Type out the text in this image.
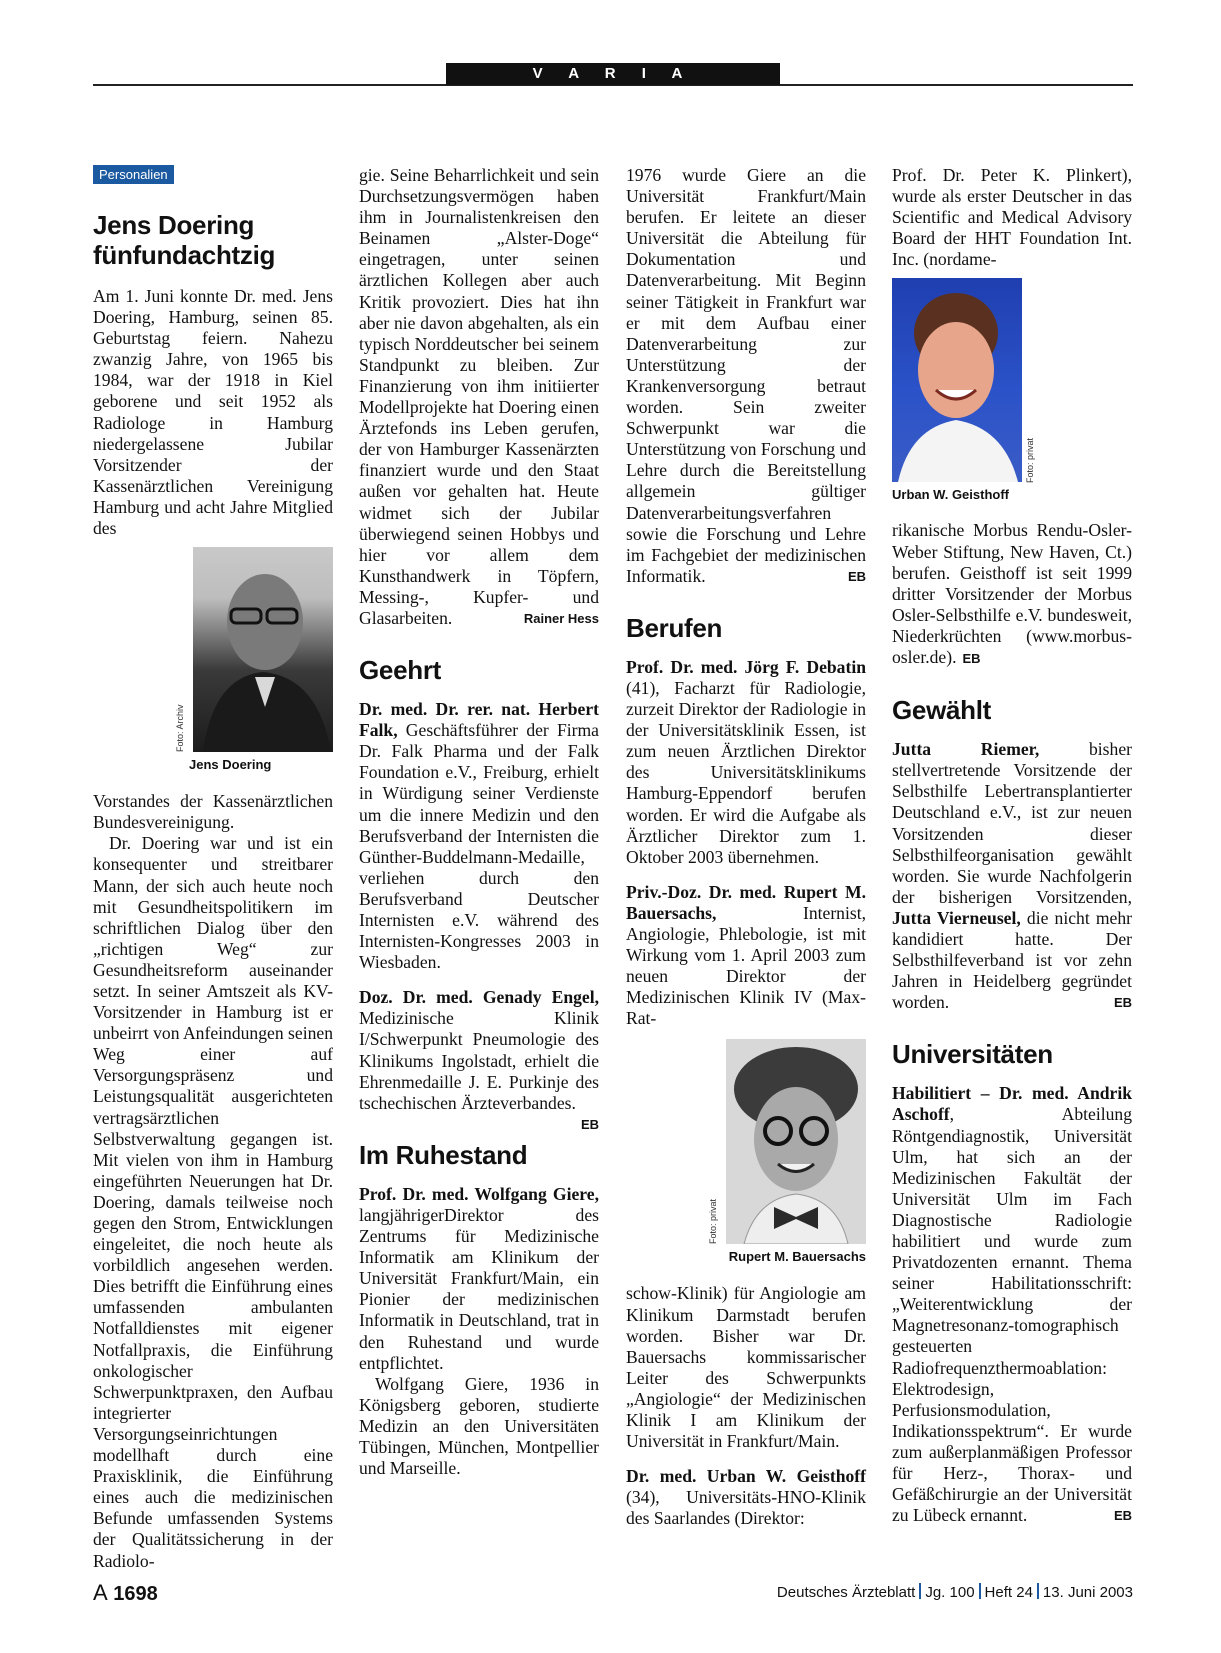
V A R I A
Personalien
Jens Doering fünfundachtzig

Am 1. Juni konnte Dr. med. Jens Doering, Hamburg, seinen 85. Geburtstag feiern. Nahezu zwanzig Jahre, von 1965 bis 1984, war der 1918 in Kiel geborene und seit 1952 als Radiologe in Hamburg niedergelassene Jubilar Vorsitzender der Kassenärztlichen Vereinigung Hamburg und acht Jahre Mitglied des

Foto: Archiv
Jens Doering

Vorstandes der Kassenärztlichen Bundesvereinigung.

Dr. Doering war und ist ein konsequenter und streitbarer Mann, der sich auch heute noch mit Gesundheitspolitikern im schriftlichen Dialog über den „richtigen Weg“ zur Gesundheitsreform auseinander setzt. In seiner Amtszeit als KV-Vorsitzender in Hamburg ist er unbeirrt von Anfeindungen seinen Weg einer auf Versorgungspräsenz und Leistungsqualität ausgerichteten vertragsärztlichen Selbstverwaltung gegangen ist. Mit vielen von ihm in Hamburg eingeführten Neuerungen hat Dr. Doering, damals teilweise noch gegen den Strom, Entwicklungen eingeleitet, die noch heute als vorbildlich angesehen werden. Dies betrifft die Einführung eines umfassenden ambulanten Notfalldienstes mit eigener Notfallpraxis, die Einführung onkologischer Schwerpunktpraxen, den Aufbau integrierter Versorgungseinrichtungen modellhaft durch eine Praxisklinik, die Einführung eines auch die medizinischen Befunde umfassenden Systems der Qualitätssicherung in der Radiolo-

gie. Seine Beharrlichkeit und sein Durchsetzungsvermögen haben ihm in Journalistenkreisen den Beinamen „Alster-Doge“ eingetragen, unter seinen ärztlichen Kollegen aber auch Kritik provoziert. Dies hat ihn aber nie davon abgehalten, als ein typisch Norddeutscher bei seinem Standpunkt zu bleiben. Zur Finanzierung von ihm initiierter Modellprojekte hat Doering einen Ärztefonds ins Leben gerufen, der von Hamburger Kassenärzten finanziert wurde und den Staat außen vor gehalten hat. Heute widmet sich der Jubilar überwiegend seinen Hobbys und hier vor allem dem Kunsthandwerk in Töpfern, Messing-, Kupfer- und Glasarbeiten.	Rainer Hess

Geehrt

Dr. med. Dr. rer. nat. Herbert Falk, Geschäftsführer der Firma Dr. Falk Pharma und der Falk Foundation e.V., Freiburg, erhielt in Würdigung seiner Verdienste um die innere Medizin und den Berufsverband der Internisten die Günther-Buddelmann-Medaille, verliehen durch den Berufsverband Deutscher Internisten e.V. während des Internisten-Kongresses 2003 in Wiesbaden.

Doz. Dr. med. Genady Engel, Medizinische Klinik I/Schwerpunkt Pneumologie des Klinikums Ingolstadt, erhielt die Ehrenmedaille J. E. Purkinje des tschechischen Ärzteverbandes.
EB

Im Ruhestand

Prof. Dr. med. Wolfgang Giere, langjährigerDirektor des Zentrums für Medizinische Informatik am Klinikum der Universität Frankfurt/Main, ein Pionier der medizinischen Informatik in Deutschland, trat in den Ruhestand und wurde entpflichtet.

Wolfgang Giere, 1936 in Königsberg geboren, studierte Medizin an den Universitäten Tübingen, München, Montpellier und Marseille.

1976 wurde Giere an die Universität Frankfurt/Main berufen. Er leitete an dieser Universität die Abteilung für Dokumentation und Datenverarbeitung. Mit Beginn seiner Tätigkeit in Frankfurt war er mit dem Aufbau einer Datenverarbeitung zur Unterstützung der Krankenversorgung betraut worden. Sein zweiter Schwerpunkt war die Unterstützung von Forschung und Lehre durch die Bereitstellung allgemein gültiger Datenverarbeitungsverfahren sowie die Forschung und Lehre im Fachgebiet der medizinischen Informatik.	EB

Berufen

Prof. Dr. med. Jörg F. Debatin (41), Facharzt für Radiologie, zurzeit Direktor der Radiologie in der Universitätsklinik Essen, ist zum neuen Ärztlichen Direktor des Universitätsklinikums Hamburg-Eppendorf berufen worden. Er wird die Aufgabe als Ärztlicher Direktor zum 1. Oktober 2003 übernehmen.

Priv.-Doz. Dr. med. Rupert M. Bauersachs, Internist, Angiologie, Phlebologie, ist mit Wirkung vom 1. April 2003 zum neuen Direktor der Medizinischen Klinik IV (Max-Rat-

Foto: privat
Rupert M. Bauersachs

schow-Klinik) für Angiologie am Klinikum Darmstadt berufen worden. Bisher war Dr. Bauersachs kommissarischer Leiter des Schwerpunkts „Angiologie“ der Medizinischen Klinik I am Klinikum der Universität in Frankfurt/Main.

Dr. med. Urban W. Geisthoff (34), Universitäts-HNO-Klinik des Saarlandes (Direktor:

Prof. Dr. Peter K. Plinkert), wurde als erster Deutscher in das Scientific and Medical Advisory Board der HHT Foundation Int. Inc. (nordame-

Foto: privat
Urban W. Geisthoff

rikanische Morbus Rendu-Osler-Weber Stiftung, New Haven, Ct.) berufen. Geisthoff ist seit 1999 dritter Vorsitzender der Morbus Osler-Selbsthilfe e.V. bundesweit, Niederkrüchten (www.morbus-osler.de). EB

Gewählt

Jutta Riemer, bisher stellvertretende Vorsitzende der Selbsthilfe Lebertransplantierter Deutschland e.V., ist zur neuen Vorsitzenden dieser Selbsthilfeorganisation gewählt worden. Sie wurde Nachfolgerin der bisherigen Vorsitzenden, Jutta Vierneusel, die nicht mehr kandidiert hatte. Der Selbsthilfeverband ist vor zehn Jahren in Heidelberg gegründet worden.	EB

Universitäten

Habilitiert – Dr. med. Andrik Aschoff, Abteilung Röntgendiagnostik, Universität Ulm, hat sich an der Medizinischen Fakultät der Universität Ulm im Fach Diagnostische Radiologie habilitiert und wurde zum Privatdozenten ernannt. Thema seiner Habilitationsschrift: „Weiterentwicklung der Magnetresonanz-tomographisch gesteuerten Radiofrequenzthermoablation: Elektrodesign, Perfusionsmodulation, Indikationsspektrum“. Er wurde zum außerplanmäßigen Professor für Herz-, Thorax- und Gefäßchirurgie an der Universität zu Lübeck ernannt.	EB

A 1698	Deutsches Ärzteblatt Jg. 100 Heft 24 13. Juni 2003
